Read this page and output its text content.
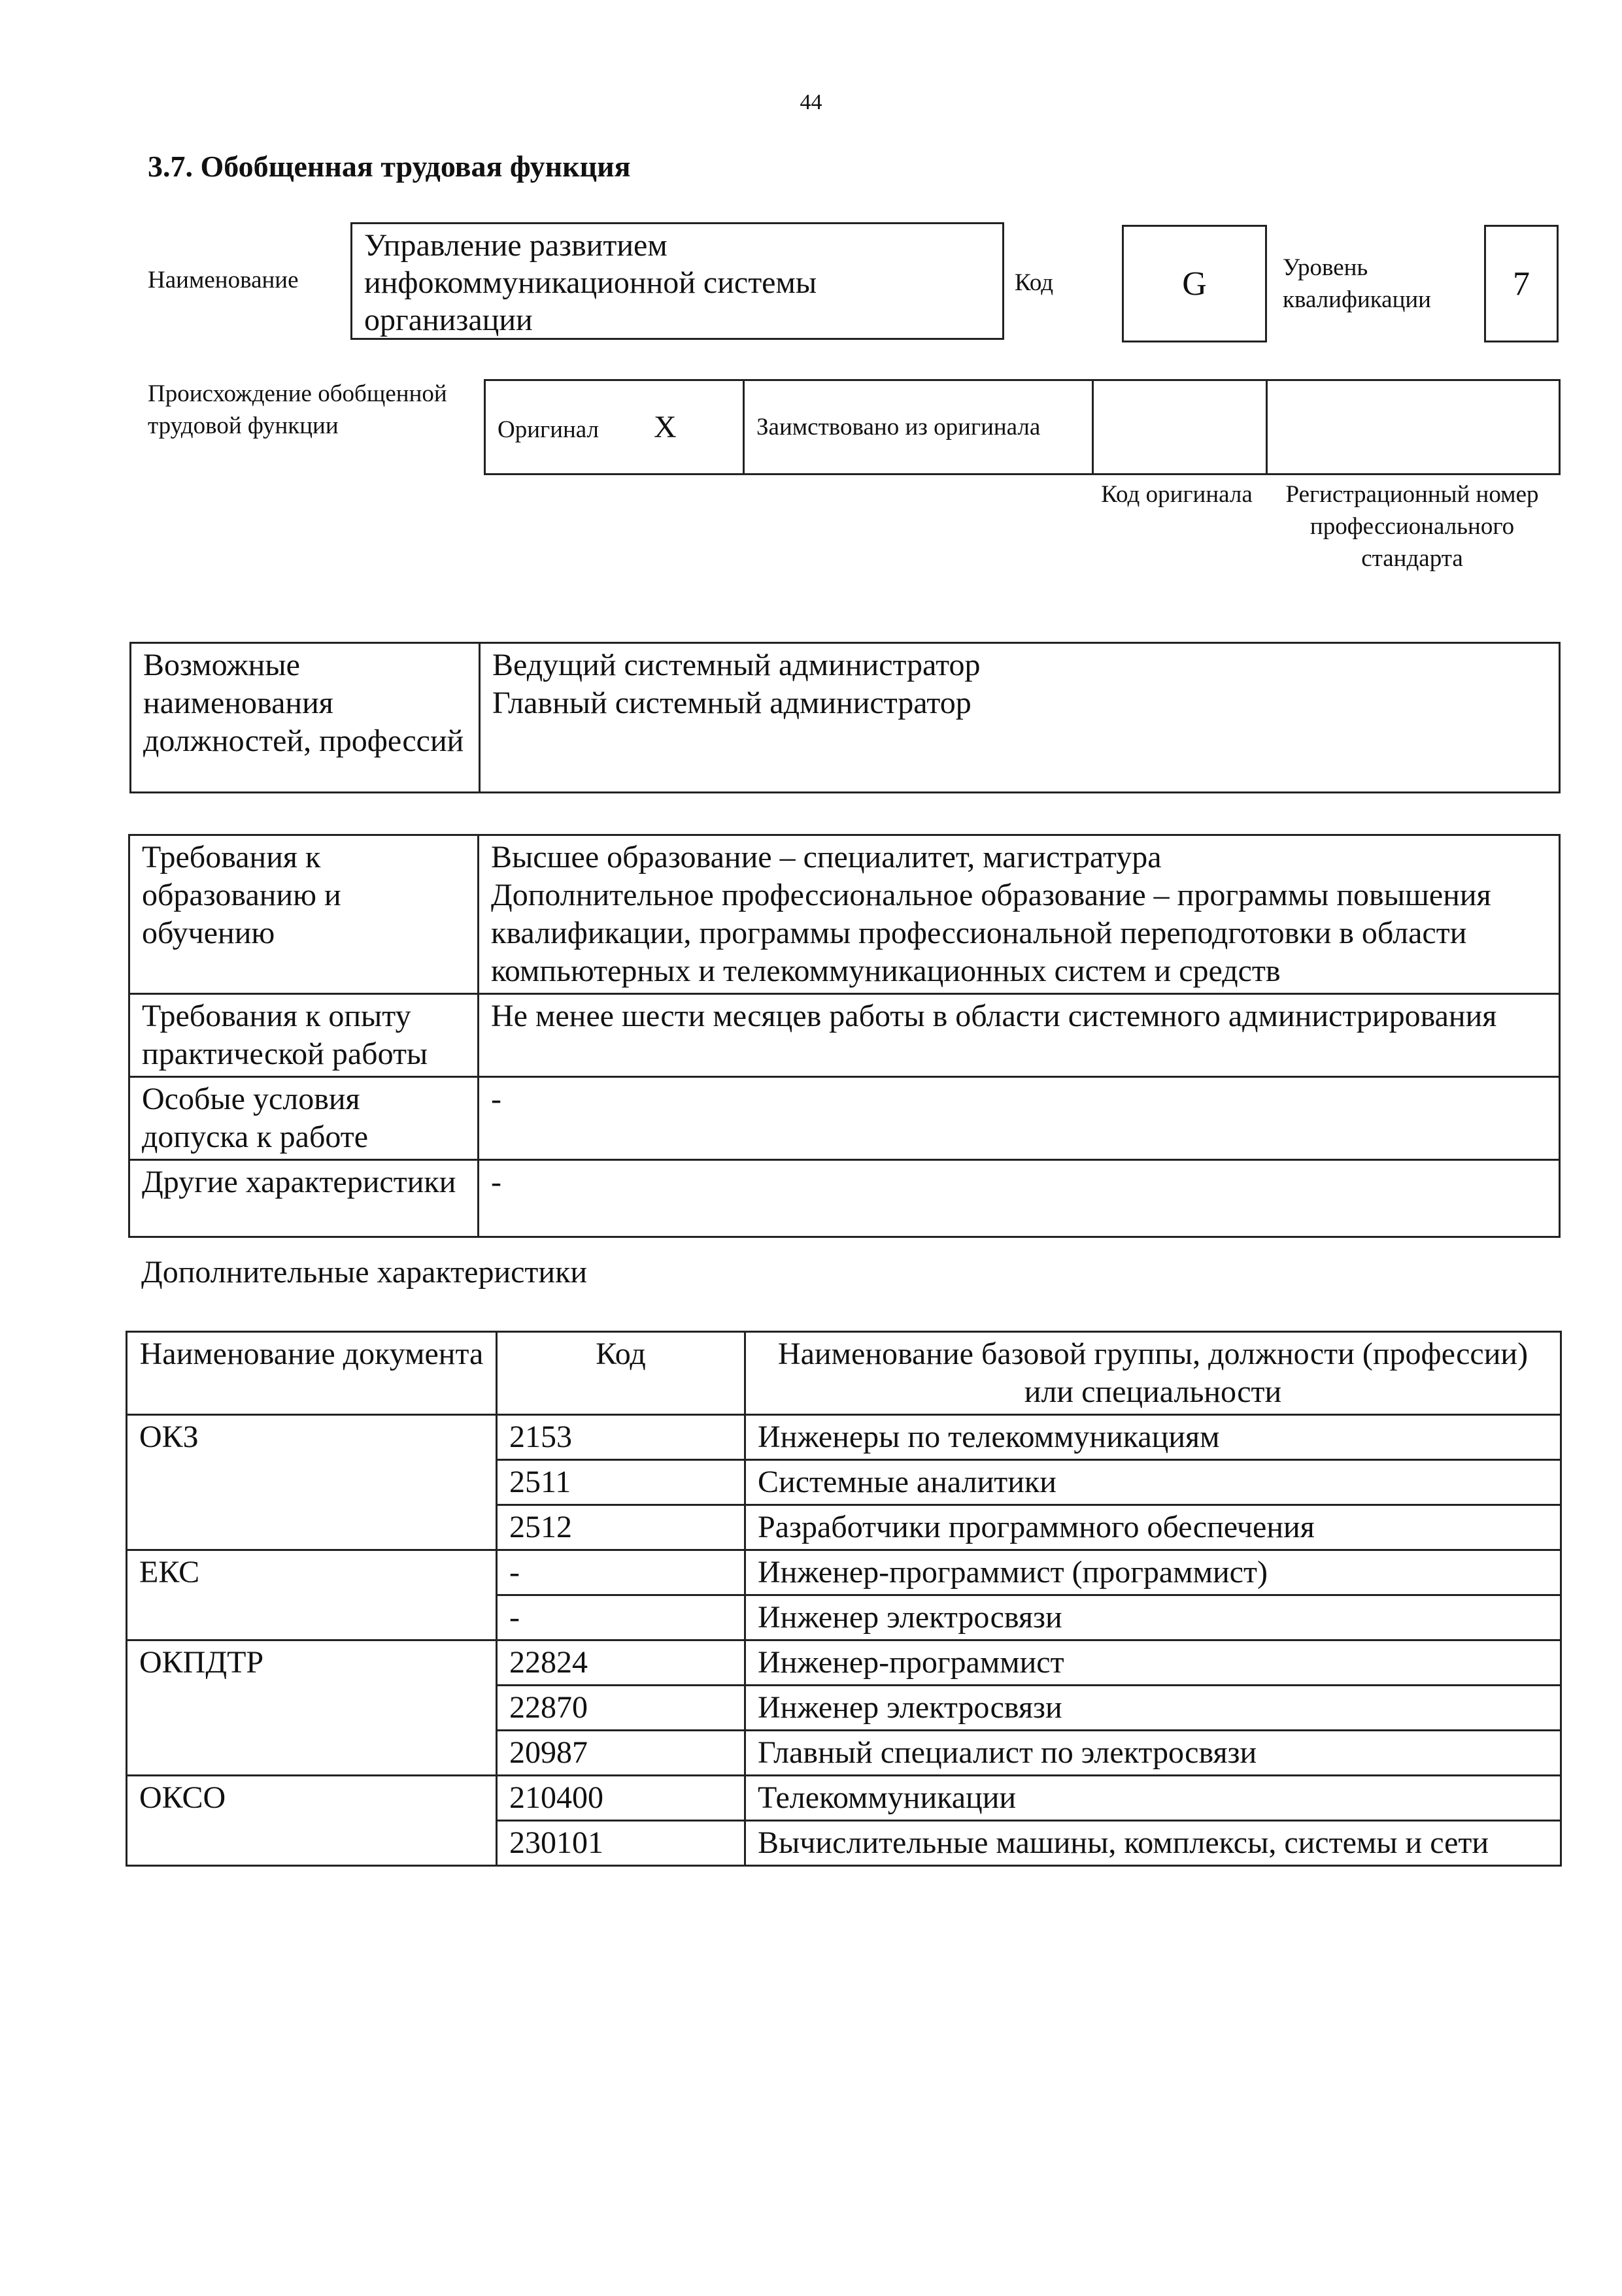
44
3.7. Обобщенная трудовая функция
Наименование
Управление развитием инфокоммуникационной системы организации
Код	G	Уровень квалификации	7
Происхождение обобщенной трудовой функции	Оригинал X	Заимствовано из оригинала		
Код оригинала	Регистрационный номер профессионального стандарта
Возможные наименования должностей, профессий	
Ведущий системный администратор
Главный системный администратор
Требования к образованию и обучению	Высшее образование – специалитет, магистратура
Дополнительное профессиональное образование – программы повышения квалификации, программы профессиональной переподготовки в области компьютерных и телекоммуникационных систем и средств

Требования к опыту практической работы	Не менее шести месяцев работы в области системного администрирования

Особые условия допуска к работе	-

Другие характеристики	-
Дополнительные характеристики
Наименование документа	Код	Наименование базовой группы, должности (профессии) или специальности
ОКЗ	2153	Инженеры по телекоммуникациям
	2511	Системные аналитики
	2512	Разработчики программного обеспечения
ЕКС	-	Инженер-программист (программист)
	-	Инженер электросвязи
ОКПДТР	22824	Инженер-программист
	22870	Инженер электросвязи
	20987	Главный специалист по электросвязи
ОКСО	210400	Телекоммуникации
	230101	Вычислительные машины, комплексы, системы и сети
